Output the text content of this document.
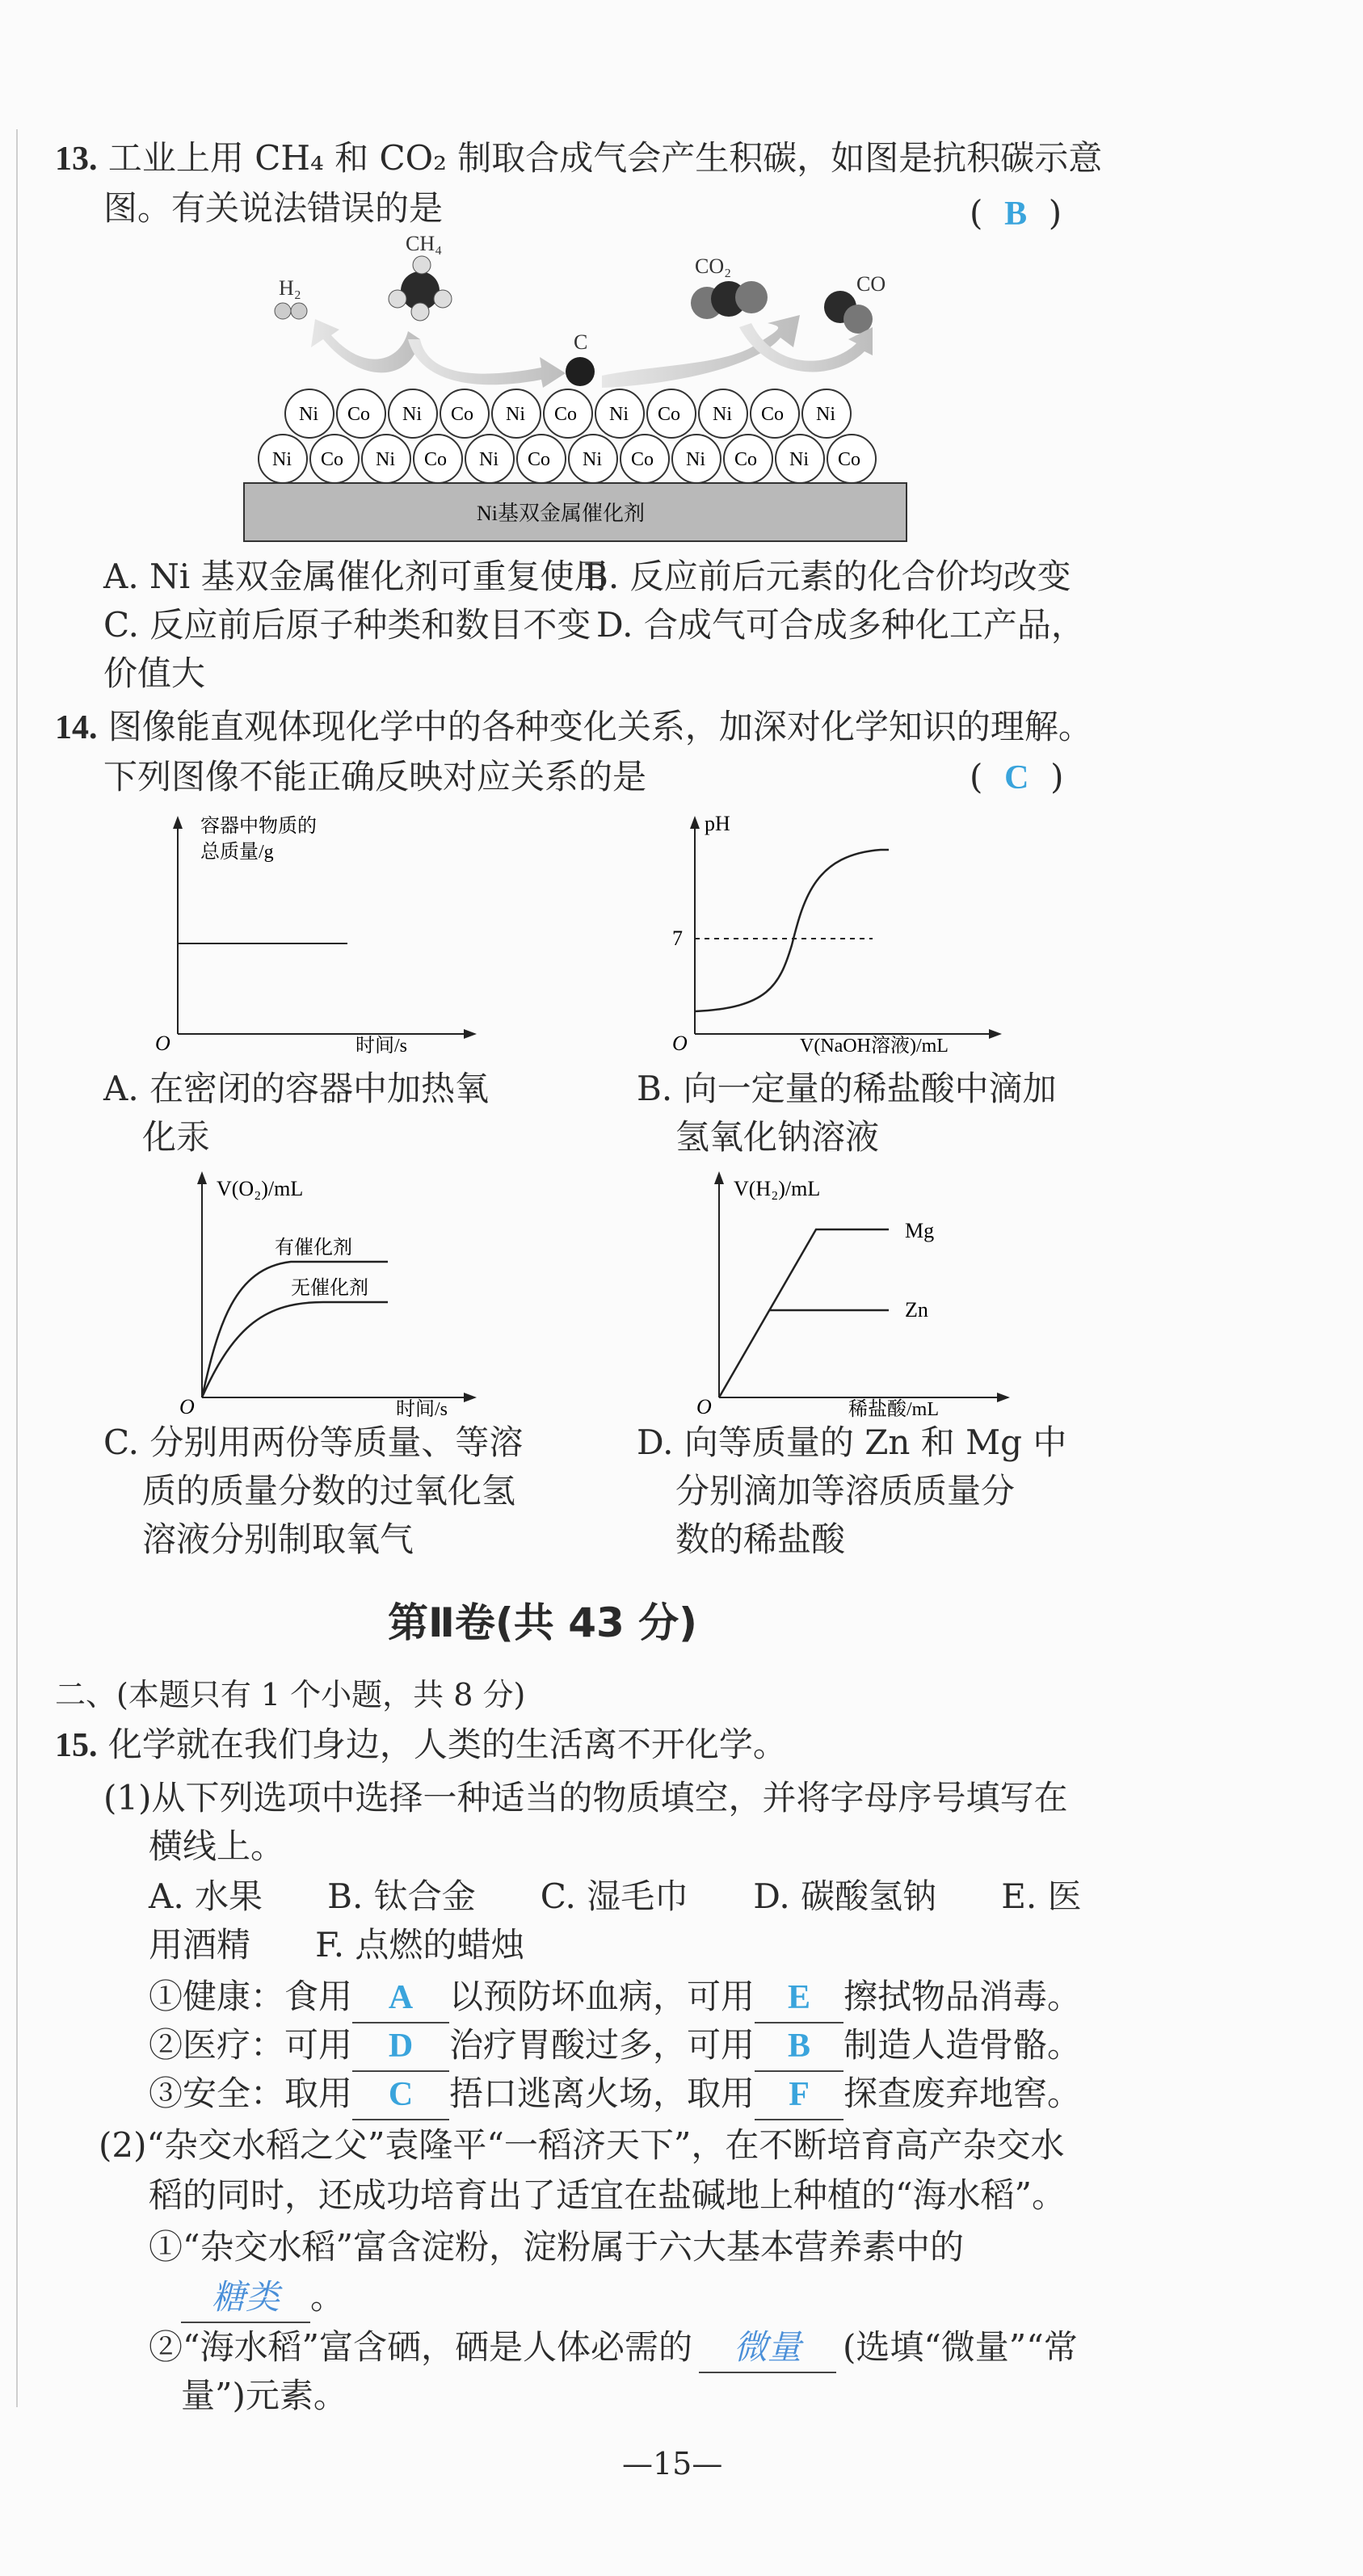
13. 工业上用 CH₄ 和 CO₂ 制取合成气会产生积碳，如图是抗积碳示意
图。有关说法错误的是	(  B  )
H₂
CH₄
C
CO₂
CO
Ni Co Ni Co Ni Co Ni Co Ni Co Ni
Ni Co Ni Co Ni Co Ni Co Ni Co Ni Co
Ni基双金属催化剂
A. Ni 基双金属催化剂可重复使用
B. 反应前后元素的化合价均改变
C. 反应前后原子种类和数目不变 D. 合成气可合成多种化工产品，
价值大
14. 图像能直观体现化学中的各种变化关系，加深对化学知识的理解。
下列图像不能正确反映对应关系的是	(  C  )
容器中物质的
总质量/g
O	时间/s
pH
7
O	V(NaOH溶液)/mL
A. 在密闭的容器中加热氧
化汞
B. 向一定量的稀盐酸中滴加
氢氧化钠溶液
V(O₂)/mL
有催化剂
无催化剂
O	时间/s
V(H₂)/mL
Mg
Zn
O	稀盐酸/mL
C. 分别用两份等质量、等溶
质的质量分数的过氧化氢
溶液分别制取氧气
D. 向等质量的 Zn 和 Mg 中
分别滴加等溶质质量分
数的稀盐酸
第Ⅱ卷(共 43 分)
二、(本题只有 1 个小题，共 8 分)
15. 化学就在我们身边，人类的生活离不开化学。
(1)从下列选项中选择一种适当的物质填空，并将字母序号填写在
横线上。
A. 水果      B. 钛合金      C. 湿毛巾      D. 碳酸氢钠      E. 医
用酒精      F. 点燃的蜡烛
①健康：食用 A 以预防坏血病，可用 E 擦拭物品消毒。
②医疗：可用 D 治疗胃酸过多，可用 B 制造人造骨骼。
③安全：取用 C 捂口逃离火场，取用 F 探查废弃地窖。
(2)“杂交水稻之父”袁隆平“一稻济天下”，在不断培育高产杂交水
稻的同时，还成功培育出了适宜在盐碱地上种植的“海水稻”。
①“杂交水稻”富含淀粉，淀粉属于六大基本营养素中的
糖类 。
②“海水稻”富含硒，硒是人体必需的 微量 (选填“微量”“常
量”)元素。
—15—
